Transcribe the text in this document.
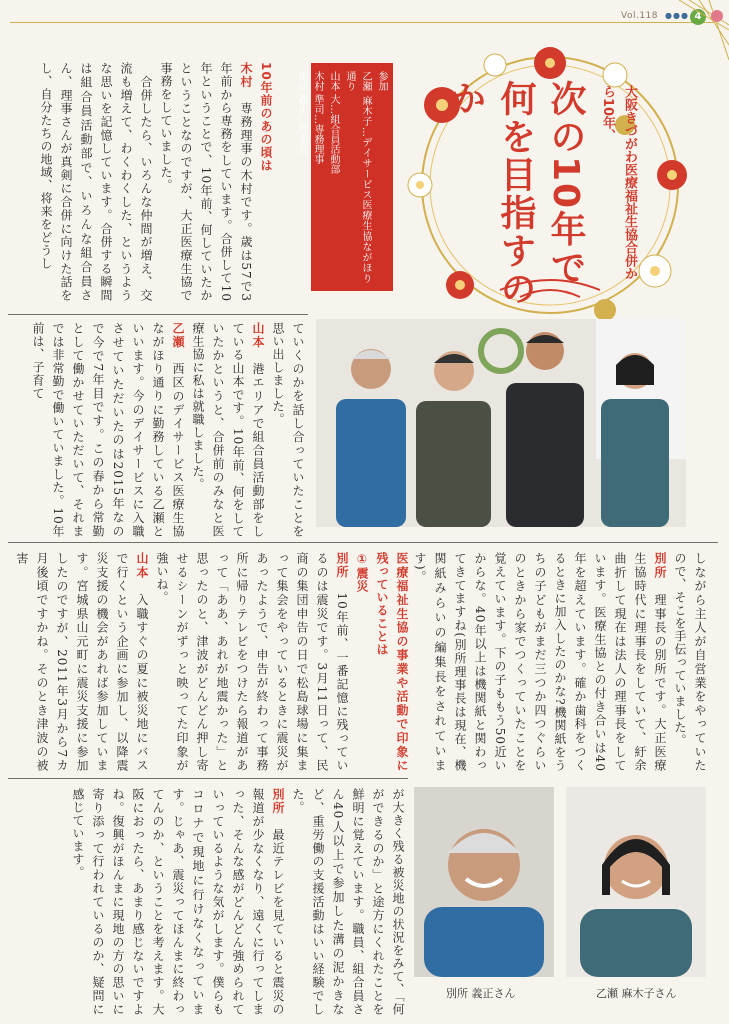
Vol.118 ●●● 4

10年前のあの頃は

木村　専務理事の木村です。歳は57で3年前から専務をしています。合併して10年ということで、10年前、何していたかということなのですが、大正医療生協で事務をしていました。

　合併したら、いろんな仲間が増え、交流も増えて、わくわくした、というような思いを記憶しています。合併する瞬間は組合員活動部で、いろんな組合員さん、理事さんが真剣に合併に向けた話をし、自分たちの地域、将来をどうし	参加

乙瀬 麻木子…デイサービス医療生協ながほり通り

山本 大…組合員活動部

木村 準司…専務理事

別所 義正…理事長	大阪きづがわ医療福祉生協合併から10年、
次の10年で何を目指すのか

ていくのかを話し合っていたことを思い出しました。

山本　港エリアで組合員活動部をしている山本です。10年前、何をしていたかというと、合併前のみなと医療生協に私は就職しました。

乙瀬　西区のデイサービス医療生協ながほり通りに勤務している乙瀬といいます。今のデイサービスに入職させていただいたのは2015年なので今で7年目です。この春から常勤として働かせていただいて、それまでは非常勤で働いていました。10年前は、子育て

しながら主人が自営業をやっていたので、そこを手伝っていました。

別所　理事長の別所です。大正医療生協時代に理事長をしていて、紆余曲折して現在は法人の理事長をしています。医療生協との付き合いは40年を超えています。確か歯科をつくるときに加入したのかな?機関紙をうちの子どもがまだ三つか四つぐらいのときから家でつくっていたことを覚えています。下の子ももう50近いからな。40年以上は機関紙と関わってきてますね(別所理事長は現在、機関紙みらいの編集長をされています)。

医療福祉生協の事業や活動で印象に残っていることは

①震災

別所　10年前、一番記憶に残っているのは震災です。3月11日って、民商の集団申告の日で松島球場に集まって集会をやっているときに震災があったようで、申告が終わって事務所に帰りテレビをつけたら報道があって「ああ、あれが地震かった」と思ったのと、津波がどんどん押し寄せるシーンがずっと映ってた印象が強いね。

山本　入職すぐの夏に被災地にバスで行くという企画に参加し、以降震災支援の機会があれば参加しています。宮城県山元町に震災支援に参加したのですが、2011年3月から7カ月後頃ですかね。そのとき津波の被害

が大きく残る被災地の状況をみて、「何ができるのか」と途方にくれたことを鮮明に覚えています。職員、組合員さん40人以上で参加した溝の泥かきなど、重労働の支援活動はいい経験でした。

別所　最近テレビを見ていると震災の報道が少なくなり、遠くに行ってしまった、そんな感がどんどん強められていっているような気がします。僕らもコロナで現地に行けなくなっています。じゃあ、震災ってほんまに終わってんのか、ということを考えます。大阪におったら、あまり感じないですよね。復興がほんまに現地の方の思いに寄り添って行われているのか、疑問に感じています。

別所 義正さん	乙瀬 麻木子さん
